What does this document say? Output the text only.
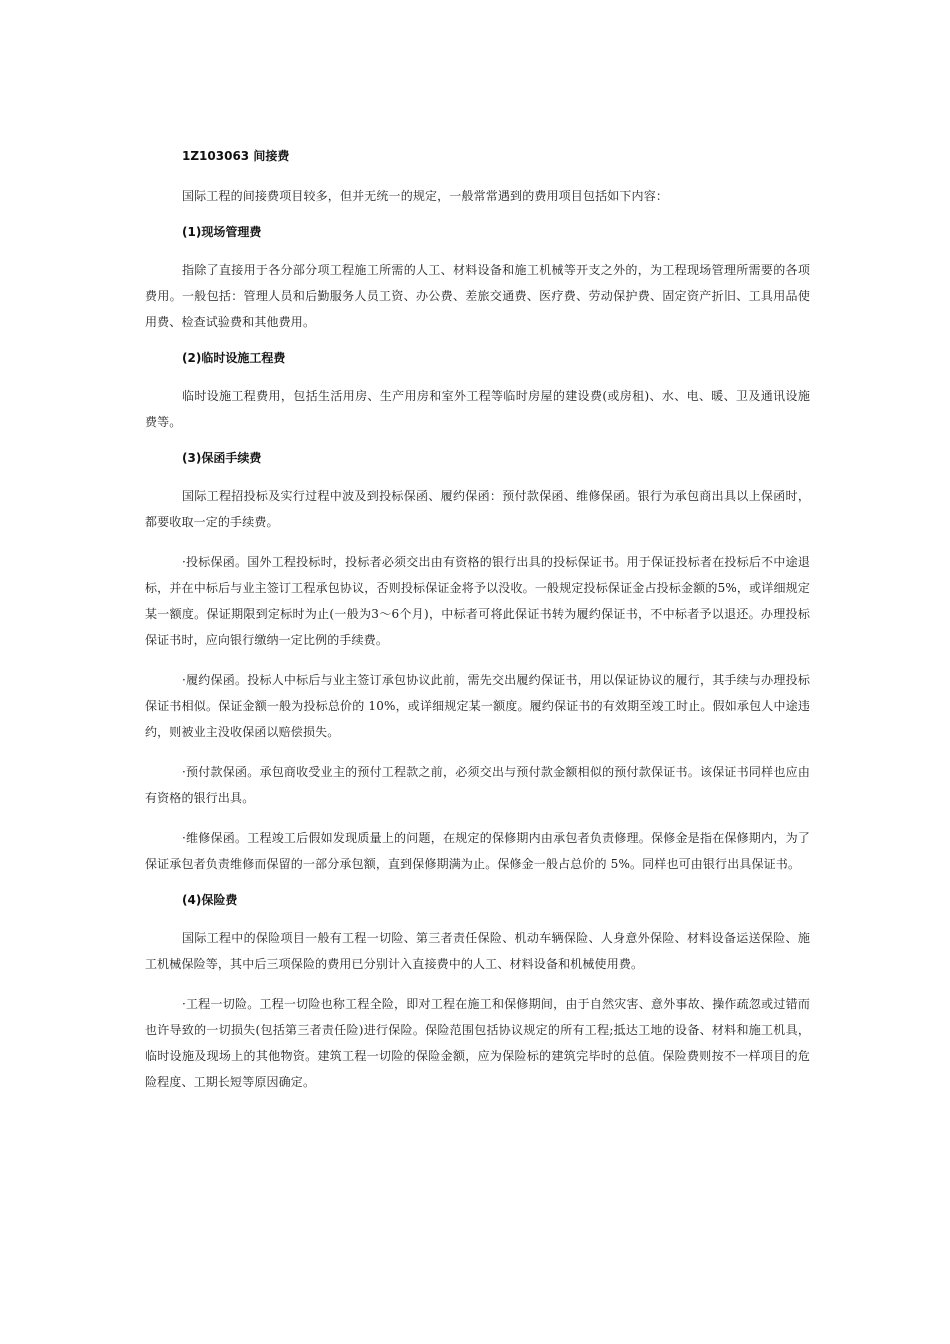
1Z103063 间接费

国际工程的间接费项目较多，但并无统一的规定，一般常常遇到的费用项目包括如下内容：

(1)现场管理费

指除了直接用于各分部分项工程施工所需的人工、材料设备和施工机械等开支之外的，为工程现场管理所需要的各项费用。一般包括：管理人员和后勤服务人员工资、办公费、差旅交通费、医疗费、劳动保护费、固定资产折旧、工具用品使用费、检查试验费和其他费用。

(2)临时设施工程费

临时设施工程费用，包括生活用房、生产用房和室外工程等临时房屋的建设费(或房租)、水、电、暖、卫及通讯设施费等。

(3)保函手续费

国际工程招投标及实行过程中波及到投标保函、履约保函：预付款保函、维修保函。银行为承包商出具以上保函时，都要收取一定的手续费。

·投标保函。国外工程投标时，投标者必须交出由有资格的银行出具的投标保证书。用于保证投标者在投标后不中途退标，并在中标后与业主签订工程承包协议，否则投标保证金将予以没收。一般规定投标保证金占投标金额的5%，或详细规定某一额度。保证期限到定标时为止(一般为3～6个月)，中标者可将此保证书转为履约保证书，不中标者予以退还。办理投标保证书时，应向银行缴纳一定比例的手续费。

·履约保函。投标人中标后与业主签订承包协议此前，需先交出履约保证书，用以保证协议的履行，其手续与办理投标保证书相似。保证金额一般为投标总价的 10%，或详细规定某一额度。履约保证书的有效期至竣工时止。假如承包人中途违约，则被业主没收保函以赔偿损失。

·预付款保函。承包商收受业主的预付工程款之前，必须交出与预付款金额相似的预付款保证书。该保证书同样也应由有资格的银行出具。

·维修保函。工程竣工后假如发现质量上的问题，在规定的保修期内由承包者负责修理。保修金是指在保修期内，为了保证承包者负责维修而保留的一部分承包额，直到保修期满为止。保修金一般占总价的 5%。同样也可由银行出具保证书。

(4)保险费

国际工程中的保险项目一般有工程一切险、第三者责任保险、机动车辆保险、人身意外保险、材料设备运送保险、施工机械保险等，其中后三项保险的费用已分别计入直接费中的人工、材料设备和机械使用费。

·工程一切险。工程一切险也称工程全险，即对工程在施工和保修期间，由于自然灾害、意外事故、操作疏忽或过错而也许导致的一切损失(包括第三者责任险)进行保险。保险范围包括协议规定的所有工程;抵达工地的设备、材料和施工机具，临时设施及现场上的其他物资。建筑工程一切险的保险金额，应为保险标的建筑完毕时的总值。保险费则按不一样项目的危险程度、工期长短等原因确定。
